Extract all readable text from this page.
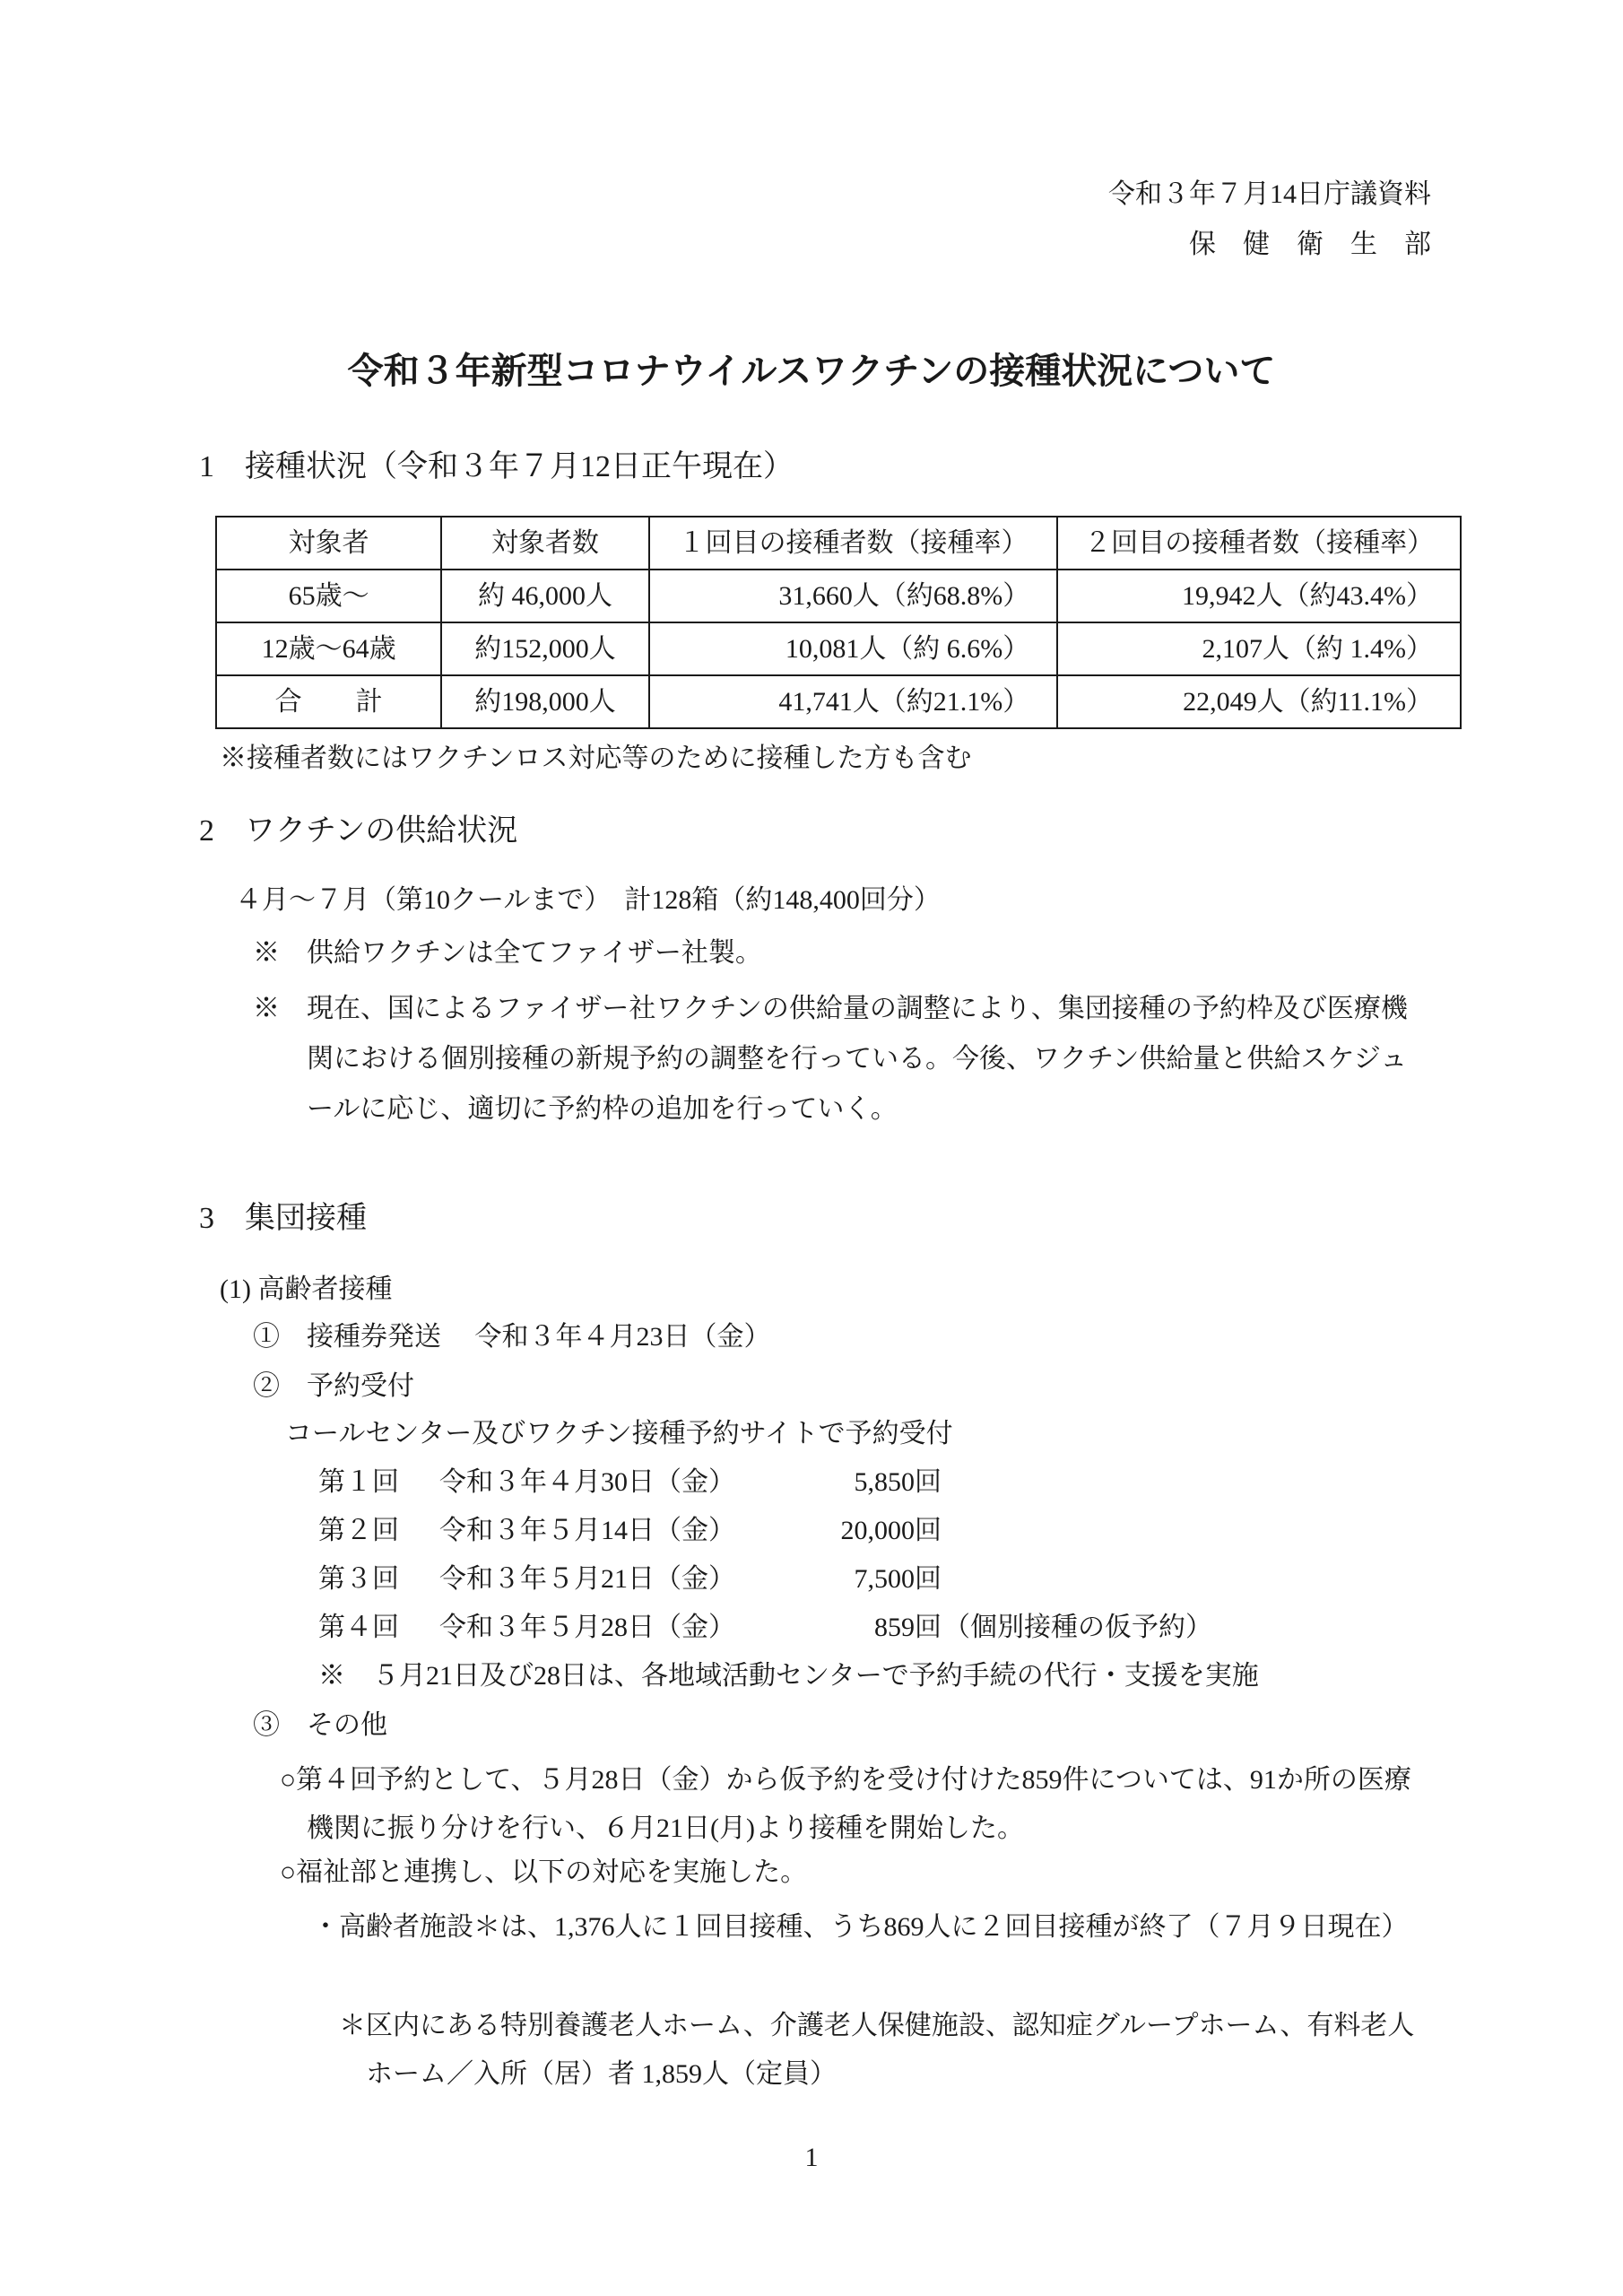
令和３年７月14日庁議資料
保健衛生部
令和３年新型コロナウイルスワクチンの接種状況について
1　接種状況（令和３年７月12日正午現在）
対象者	対象者数	１回目の接種者数（接種率）	２回目の接種者数（接種率）
65歳～	約 46,000人	31,660人（約68.8%）	19,942人（約43.4%）
12歳～64歳	約152,000人	10,081人（約 6.6%）	2,107人（約 1.4%）
合　　計	約198,000人	41,741人（約21.1%）	22,049人（約11.1%）
※接種者数にはワクチンロス対応等のために接種した方も含む
2　ワクチンの供給状況
４月～７月（第10クールまで）　計128箱（約148,400回分）
※　供給ワクチンは全てファイザー社製。
※　現在、国によるファイザー社ワクチンの供給量の調整により、集団接種の予約枠及び医療機関における個別接種の新規予約の調整を行っている。今後、ワクチン供給量と供給スケジュールに応じ、適切に予約枠の追加を行っていく。
3　集団接種
(1) 高齢者接種
①　接種券発送　 令和３年４月23日（金）
②　予約受付
コールセンター及びワクチン接種予約サイトで予約受付
第１回 令和３年４月30日（金）	5,850回
第２回 令和３年５月14日（金）	20,000回
第３回 令和３年５月21日（金）	7,500回
第４回 令和３年５月28日（金）	859回（個別接種の仮予約）
※　５月21日及び28日は、各地域活動センターで予約手続の代行・支援を実施
③　その他
○第４回予約として、５月28日（金）から仮予約を受け付けた859件については、91か所の医療機関に振り分けを行い、６月21日(月)より接種を開始した。
○福祉部と連携し、以下の対応を実施した。
・高齢者施設＊は、1,376人に１回目接種、うち869人に２回目接種が終了（７月９日現在）
＊区内にある特別養護老人ホーム、介護老人保健施設、認知症グループホーム、有料老人ホーム／入所（居）者 1,859人（定員）
1
